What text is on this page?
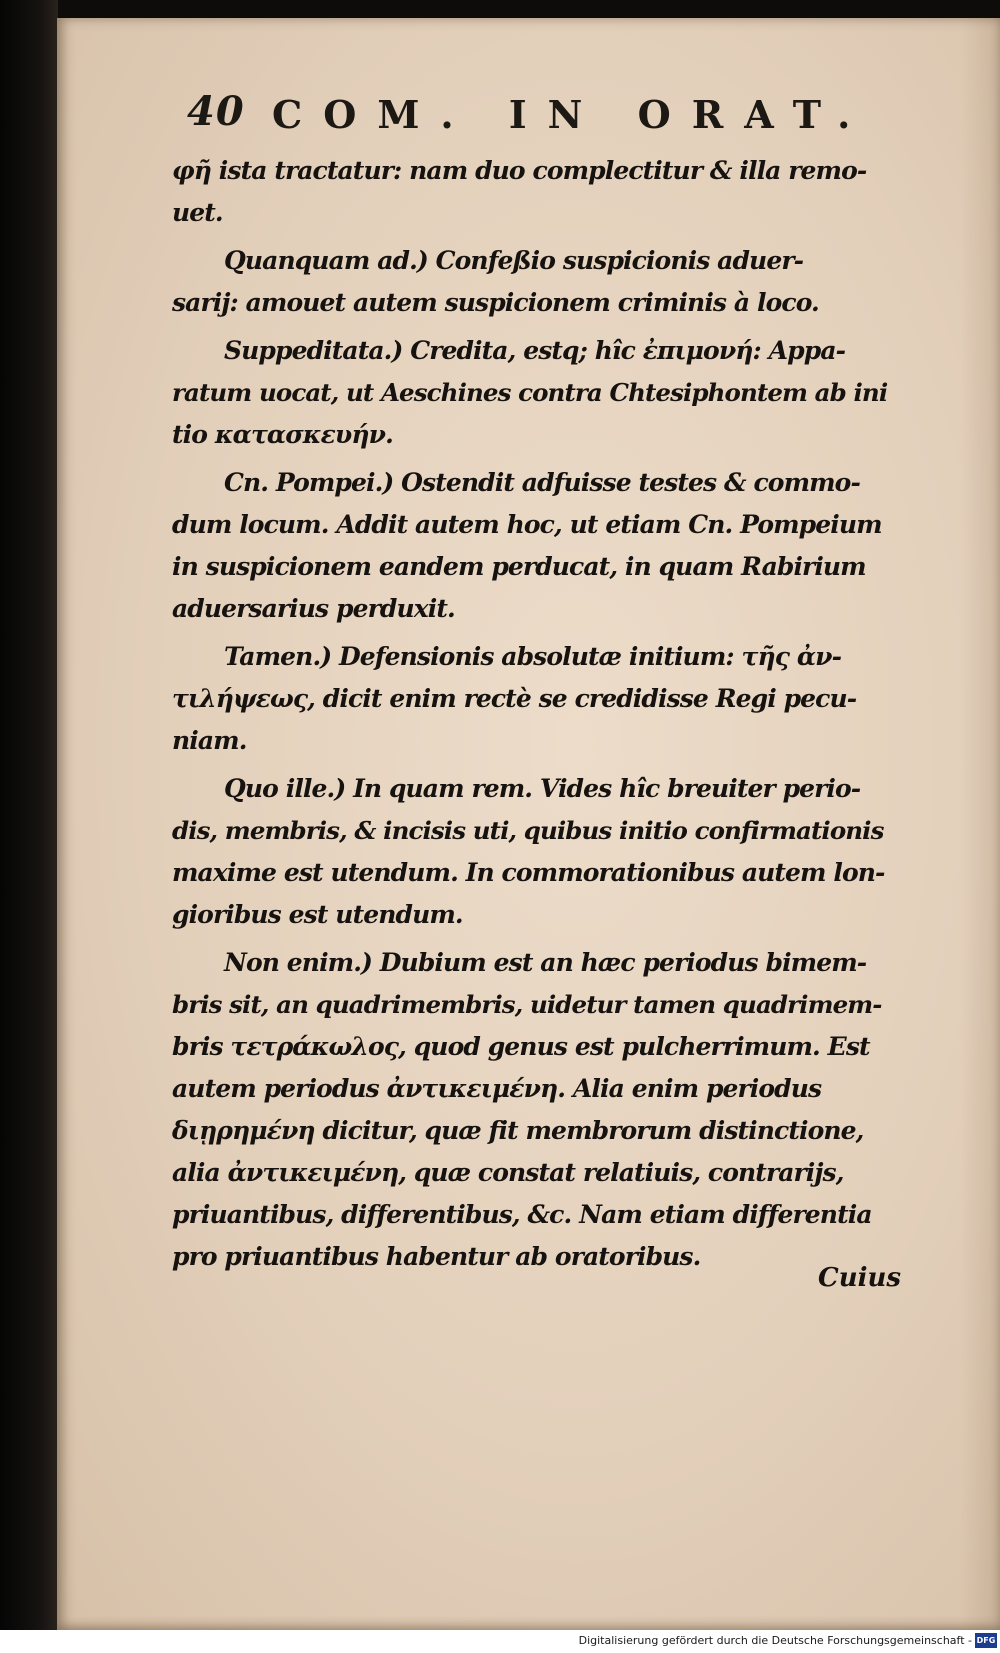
40 COM. IN ORAT.
φῆ ista tractatur: nam duo complectitur & illa remo-
uet.
Quanquam ad.) Confeßio suspicionis aduer-
sarij: amouet autem suspicionem criminis à loco.
Suppeditata.) Credita, estq; hîc ἐπιμονή: Appa-
ratum uocat, ut Aeschines contra Chtesiphontem ab ini
tio κατασκευήν.
Cn. Pompei.) Ostendit adfuisse testes & commo-
dum locum. Addit autem hoc, ut etiam Cn. Pompeium
in suspicionem eandem perducat, in quam Rabirium
aduersarius perduxit.
Tamen.) Defensionis absolutæ initium: τῆς ἀν-
τιλήψεως, dicit enim rectè se credidisse Regi pecu-
niam.
Quo ille.) In quam rem. Vides hîc breuiter perio-
dis, membris, & incisis uti, quibus initio confirmationis
maxime est utendum. In commorationibus autem lon-
gioribus est utendum.
Non enim.) Dubium est an hæc periodus bimem-
bris sit, an quadrimembris, uidetur tamen quadrimem-
bris τετράκωλος, quod genus est pulcherrimum. Est
autem periodus ἀντικειμένη. Alia enim periodus
διῃρημένη dicitur, quæ fit membrorum distinctione,
alia ἀντικειμένη, quæ constat relatiuis, contrarijs,
priuantibus, differentibus, &c. Nam etiam differentia
pro priuantibus habentur ab oratoribus.
Cuius
Digitalisierung gefördert durch die Deutsche Forschungsgemeinschaft - DFG
